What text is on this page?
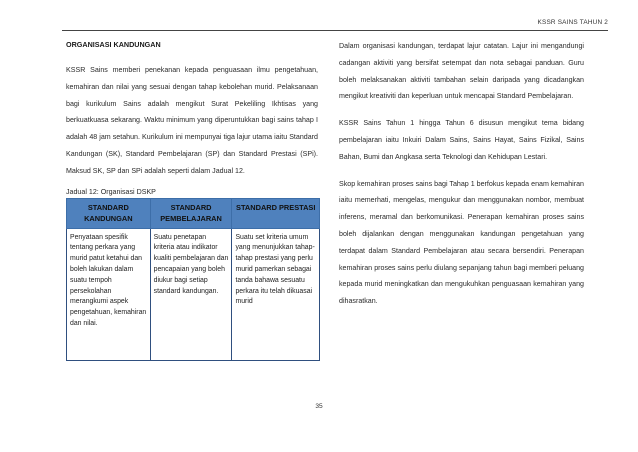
KSSR SAINS TAHUN 2
ORGANISASI KANDUNGAN

KSSR Sains memberi penekanan kepada penguasaan ilmu pengetahuan, kemahiran dan nilai yang sesuai dengan tahap kebolehan murid. Pelaksanaan bagi kurikulum Sains adalah mengikut Surat Pekeliling Ikhtisas yang berkuatkuasa sekarang. Waktu minimum yang diperuntukkan bagi sains tahap I adalah 48 jam setahun. Kurikulum ini mempunyai tiga lajur utama iaitu Standard Kandungan (SK), Standard Pembelajaran (SP) dan Standard Prestasi (SPi). Maksud SK, SP dan SPi adalah seperti dalam Jadual 12.

Jadual 12: Organisasi DSKP
STANDARD KANDUNGAN	STANDARD PEMBELAJARAN	STANDARD PRESTASI
Penyataan spesifik tentang perkara yang murid patut ketahui dan boleh lakukan dalam suatu tempoh persekolahan merangkumi aspek pengetahuan, kemahiran dan nilai.	Suatu penetapan kriteria atau indikator kualiti pembelajaran dan pencapaian yang boleh diukur bagi setiap standard kandungan.	Suatu set kriteria umum yang menunjukkan tahap-tahap prestasi yang perlu murid pamerkan sebagai tanda bahawa sesuatu perkara itu telah dikuasai murid

Dalam organisasi kandungan, terdapat lajur catatan. Lajur ini mengandungi cadangan aktiviti yang bersifat setempat dan nota sebagai panduan. Guru boleh melaksanakan aktiviti tambahan selain daripada yang dicadangkan mengikut kreativiti dan keperluan untuk mencapai Standard Pembelajaran.

KSSR Sains Tahun 1 hingga Tahun 6 disusun mengikut tema bidang pembelajaran iaitu Inkuiri Dalam Sains, Sains Hayat, Sains Fizikal, Sains Bahan, Bumi dan Angkasa serta Teknologi dan Kehidupan Lestari.

Skop kemahiran proses sains bagi Tahap 1 berfokus kepada enam kemahiran iaitu memerhati, mengelas, mengukur dan menggunakan nombor, membuat inferens, meramal dan berkomunikasi. Penerapan kemahiran proses sains boleh dijalankan dengan menggunakan kandungan pengetahuan yang terdapat dalam Standard Pembelajaran atau secara bersendiri. Penerapan kemahiran proses sains perlu diulang sepanjang tahun bagi memberi peluang kepada murid meningkatkan dan mengukuhkan penguasaan kemahiran yang dihasratkan.

35
